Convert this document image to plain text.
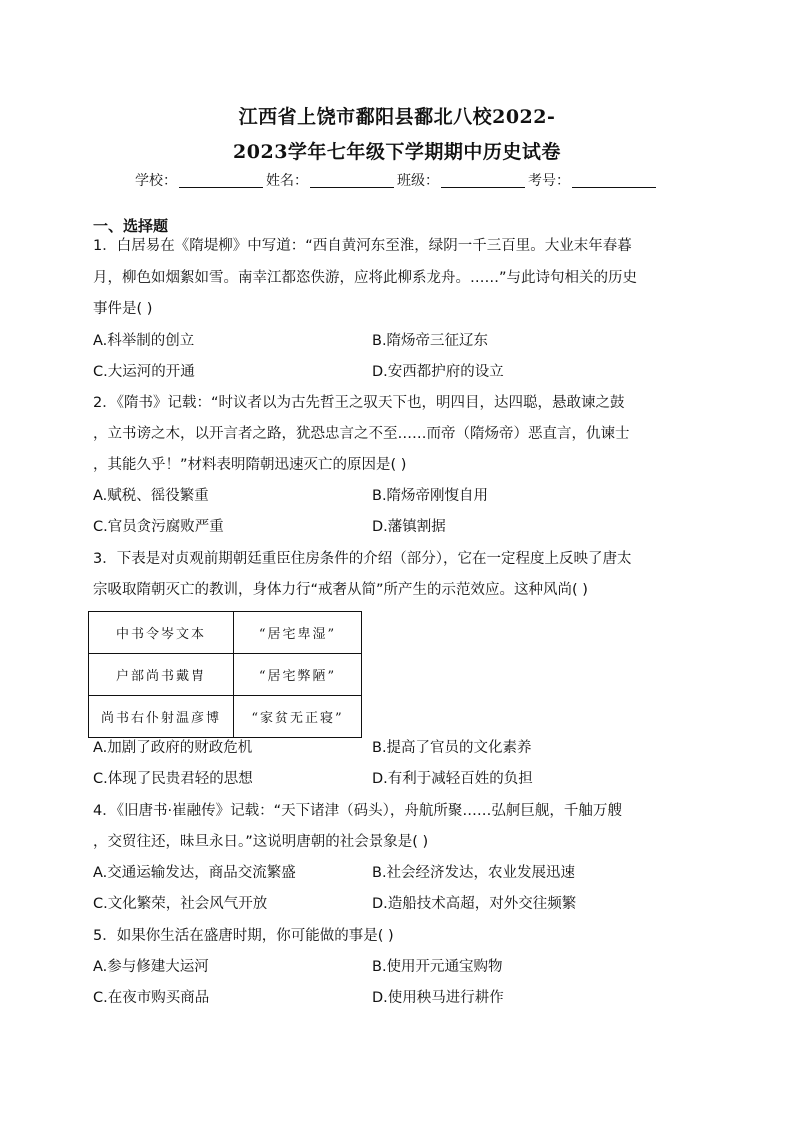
江西省上饶市鄱阳县鄱北八校2022-
2023学年七年级下学期期中历史试卷
学校：	姓名：	班级：	考号：
一、选择题
1．白居易在《隋堤柳》中写道：“西自黄河东至淮，绿阴一千三百里。大业末年春暮
月，柳色如烟絮如雪。南幸江都恣佚游，应将此柳系龙舟。……”与此诗句相关的历史
事件是( )
A.科举制的创立	B.隋炀帝三征辽东
C.大运河的开通	D.安西都护府的设立
2．《隋书》记载：“时议者以为古先哲王之驭天下也，明四目，达四聪，悬敢谏之鼓
，立书谤之木，以开言者之路，犹恐忠言之不至……而帝（隋炀帝）恶直言，仇谏士
，其能久乎！”材料表明隋朝迅速灭亡的原因是( )
A.赋税、徭役繁重	B.隋炀帝刚愎自用
C.官员贪污腐败严重	D.藩镇割据
3．下表是对贞观前期朝廷重臣住房条件的介绍（部分），它在一定程度上反映了唐太
宗吸取隋朝灭亡的教训，身体力行“戒奢从简”所产生的示范效应。这种风尚( )
中书令岑文本	“居宅卑湿”
户部尚书戴胄	“居宅弊陋”
尚书右仆射温彦博	“家贫无正寝”
A.加剧了政府的财政危机	B.提高了官员的文化素养
C.体现了民贵君轻的思想	D.有利于减轻百姓的负担
4．《旧唐书·崔融传》记载：“天下诸津（码头），舟航所聚……弘舸巨舰，千舳万艘
，交贸往还，昧旦永日。”这说明唐朝的社会景象是( )
A.交通运输发达，商品交流繁盛	B.社会经济发达，农业发展迅速
C.文化繁荣，社会风气开放	D.造船技术高超，对外交往频繁
5．如果你生活在盛唐时期，你可能做的事是( )
A.参与修建大运河	B.使用开元通宝购物
C.在夜市购买商品	D.使用秧马进行耕作
